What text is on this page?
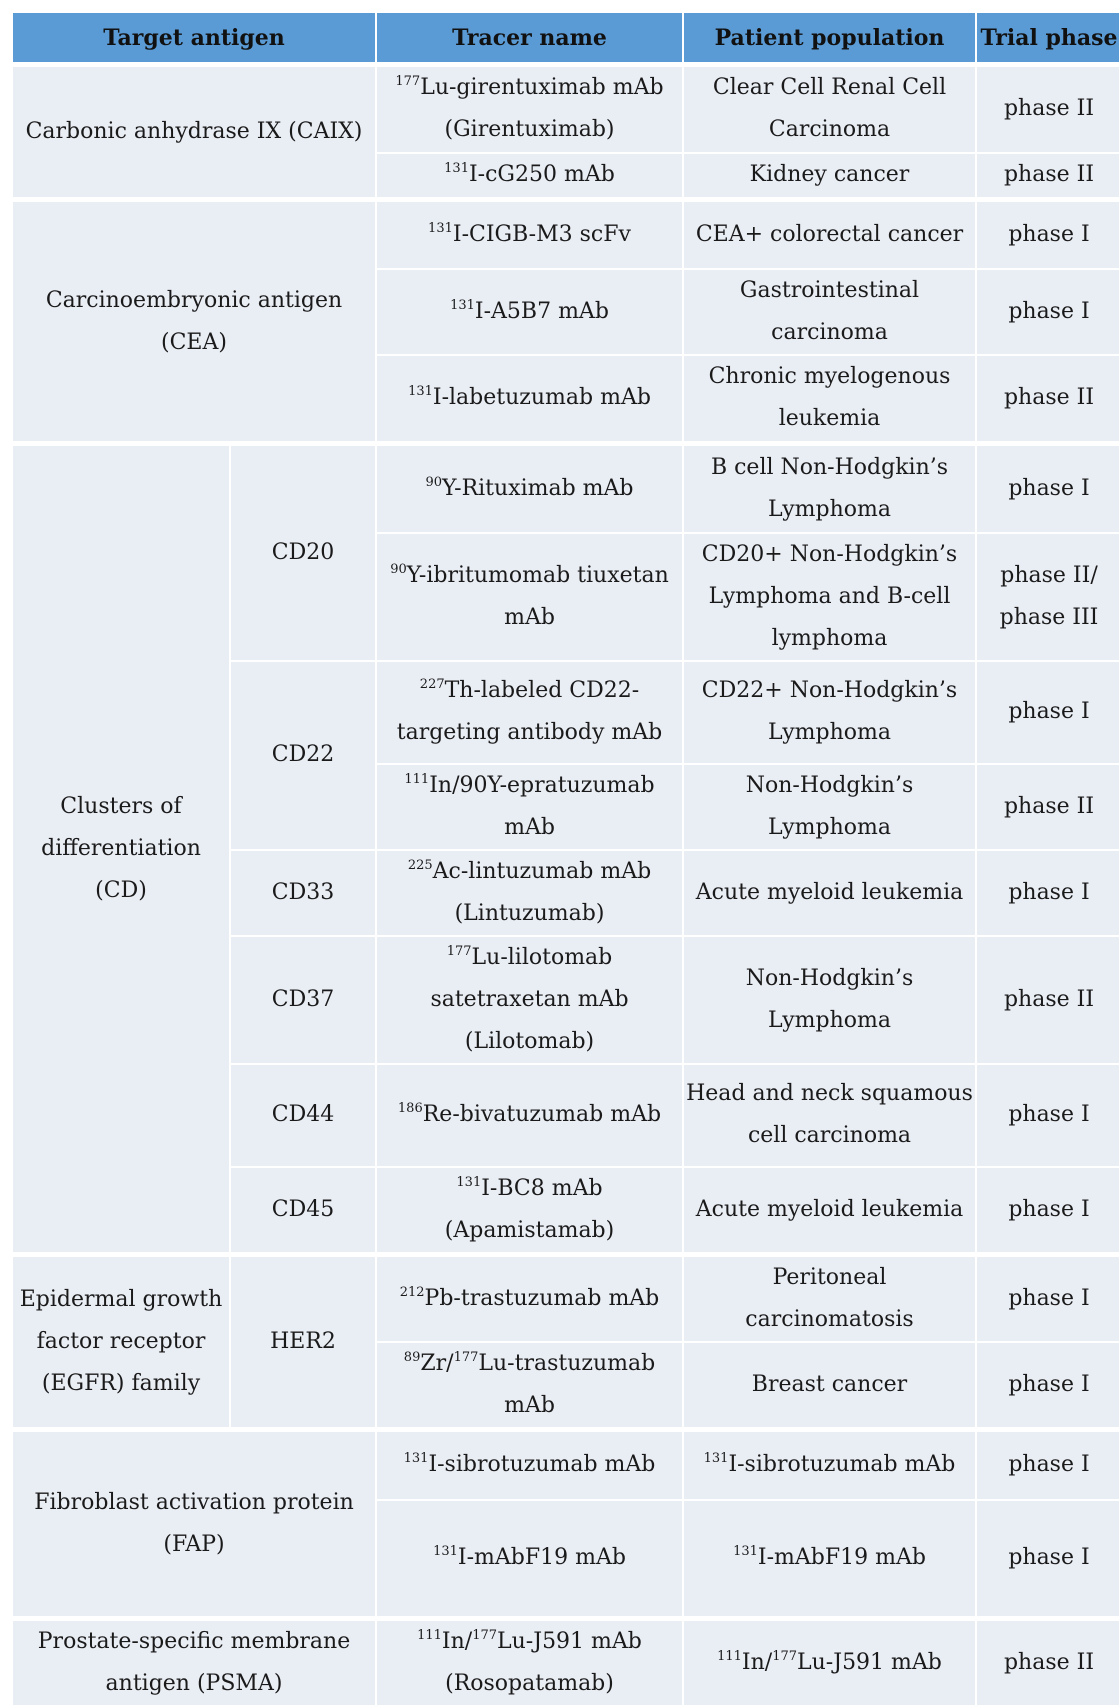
Target antigen		Tracer name	Patient population	Trial phase
Carbonic anhydrase IX (CAIX)		$^{177}$Lu-girentuximab mAb (Girentuximab)	Clear Cell Renal Cell Carcinoma	phase II
		$^{131}$I-cG250 mAb	Kidney cancer	phase II
Carcinoembryonic antigen (CEA)		$^{131}$I-CIGB-M3 scFv	CEA+ colorectal cancer	phase I
		$^{131}$I-A5B7 mAb	Gastrointestinal carcinoma	phase I
		$^{131}$I-labetuzumab mAb	Chronic myelogenous leukemia	phase II
Clusters of differentiation (CD)	CD20	$^{90}$Y-Rituximab mAb	B cell Non-Hodgkin’s Lymphoma	phase I
		$^{90}$Y-ibritumomab tiuxetan mAb	CD20+ Non-Hodgkin’s Lymphoma and B-cell lymphoma	phase II/ phase III
	CD22	$^{227}$Th-labeled CD22-targeting antibody mAb	CD22+ Non-Hodgkin’s Lymphoma	phase I
		$^{111}$In/90Y-epratuzumab mAb	Non-Hodgkin’s Lymphoma	phase II
	CD33	$^{225}$Ac-lintuzumab mAb (Lintuzumab)	Acute myeloid leukemia	phase I
	CD37	$^{177}$Lu-lilotomab satetraxetan mAb (Lilotomab)	Non-Hodgkin’s Lymphoma	phase II
	CD44	$^{186}$Re-bivatuzumab mAb	Head and neck squamous cell carcinoma	phase I
	CD45	$^{131}$I-BC8 mAb (Apamistamab)	Acute myeloid leukemia	phase I
Epidermal growth factor receptor (EGFR) family	HER2	$^{212}$Pb-trastuzumab mAb	Peritoneal carcinomatosis	phase I
		$^{89}$Zr/$^{177}$Lu-trastuzumab mAb	Breast cancer	phase I
Fibroblast activation protein (FAP)		$^{131}$I-sibrotuzumab mAb	$^{131}$I-sibrotuzumab mAb	phase I
		$^{131}$I-mAbF19 mAb	$^{131}$I-mAbF19 mAb	phase I
Prostate-specific membrane antigen (PSMA)		$^{111}$In/$^{177}$Lu-J591 mAb (Rosopatamab)	$^{111}$In/$^{177}$Lu-J591 mAb	phase II
